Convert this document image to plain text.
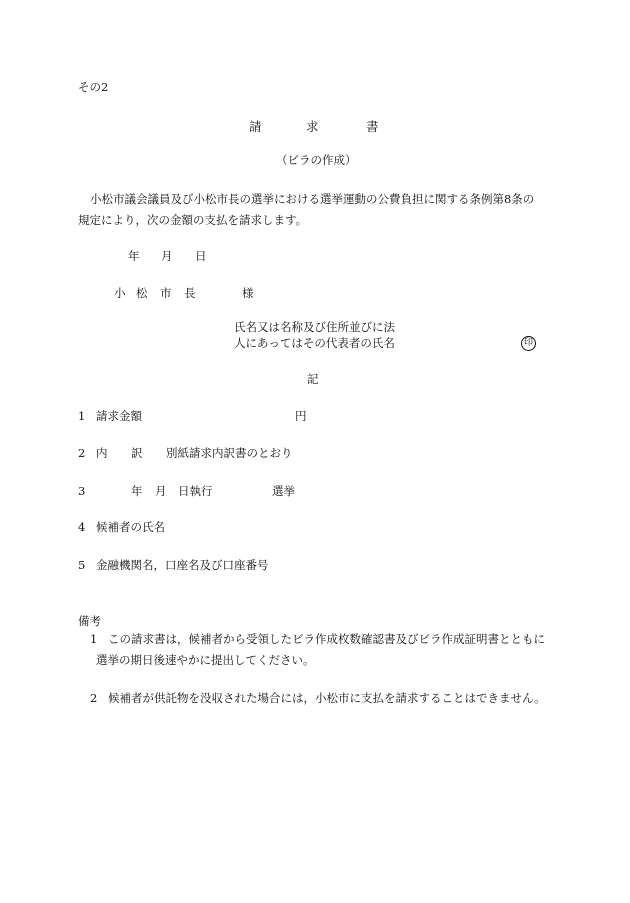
その2
請	求	書
（ビラの作成）
小松市議会議員及び小松市長の選挙における選挙運動の公費負担に関する条例第8条の
規定により，次の金額の支払を請求します。
年 月 日
小 松 市 長	様
氏名又は名称及び住所並びに法
人にあってはその代表者の氏名	印
記
1 請求金額	円
2 内 訳 別紙請求内訳書のとおり
3	年 月 日執行	選挙
4 候補者の氏名
5 金融機関名，口座名及び口座番号
備考
1 この請求書は，候補者から受領したビラ作成枚数確認書及びビラ作成証明書とともに
選挙の期日後速やかに提出してください。
2 候補者が供託物を没収された場合には，小松市に支払を請求することはできません。
